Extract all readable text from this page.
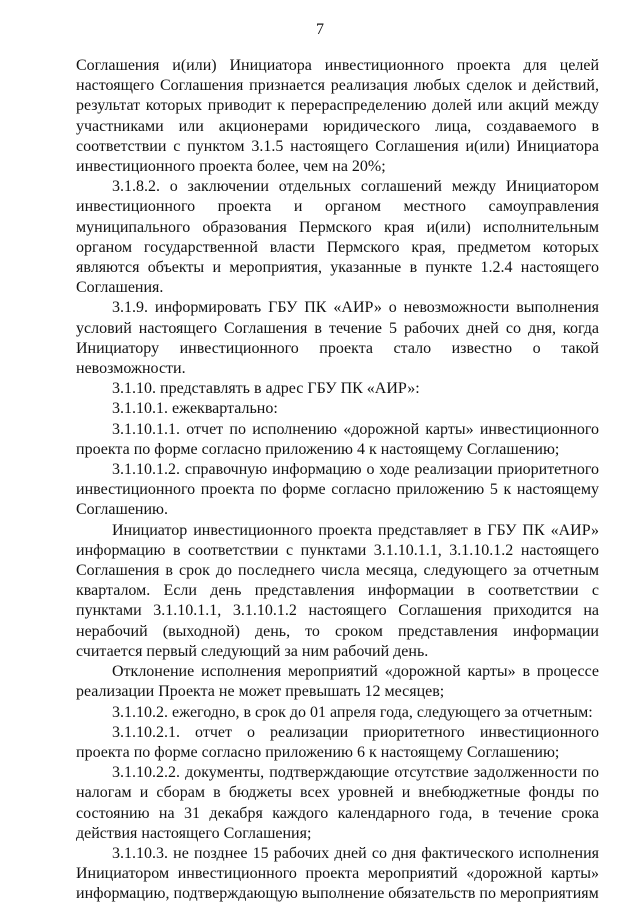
7

Соглашения и(или) Инициатора инвестиционного проекта для целей настоящего Соглашения признается реализация любых сделок и действий, результат которых приводит к перераспределению долей или акций между участниками или акционерами юридического лица, создаваемого в соответствии с пунктом 3.1.5 настоящего Соглашения и(или) Инициатора инвестиционного проекта более, чем на 20%;

3.1.8.2. о заключении отдельных соглашений между Инициатором инвестиционного проекта и органом местного самоуправления муниципального образования Пермского края и(или) исполнительным органом государственной власти Пермского края, предметом которых являются объекты и мероприятия, указанные в пункте 1.2.4 настоящего Соглашения.

3.1.9. информировать ГБУ ПК «АИР» о невозможности выполнения условий настоящего Соглашения в течение 5 рабочих дней со дня, когда Инициатору инвестиционного проекта стало известно о такой невозможности.

3.1.10. представлять в адрес ГБУ ПК «АИР»:

3.1.10.1. ежеквартально:

3.1.10.1.1. отчет по исполнению «дорожной карты» инвестиционного проекта по форме согласно приложению 4 к настоящему Соглашению;

3.1.10.1.2. справочную информацию о ходе реализации приоритетного инвестиционного проекта по форме согласно приложению 5 к настоящему Соглашению.

Инициатор инвестиционного проекта представляет в ГБУ ПК «АИР» информацию в соответствии с пунктами 3.1.10.1.1, 3.1.10.1.2 настоящего Соглашения в срок до последнего числа месяца, следующего за отчетным кварталом. Если день представления информации в соответствии с пунктами 3.1.10.1.1, 3.1.10.1.2 настоящего Соглашения приходится на нерабочий (выходной) день, то сроком представления информации считается первый следующий за ним рабочий день.

Отклонение исполнения мероприятий «дорожной карты» в процессе реализации Проекта не может превышать 12 месяцев;

3.1.10.2. ежегодно, в срок до 01 апреля года, следующего за отчетным:

3.1.10.2.1. отчет о реализации приоритетного инвестиционного проекта по форме согласно приложению 6 к настоящему Соглашению;

3.1.10.2.2. документы, подтверждающие отсутствие задолженности по налогам и сборам в бюджеты всех уровней и внебюджетные фонды по состоянию на 31 декабря каждого календарного года, в течение срока действия настоящего Соглашения;

3.1.10.3. не позднее 15 рабочих дней со дня фактического исполнения Инициатором инвестиционного проекта мероприятий «дорожной карты» информацию, подтверждающую выполнение обязательств по мероприятиям
